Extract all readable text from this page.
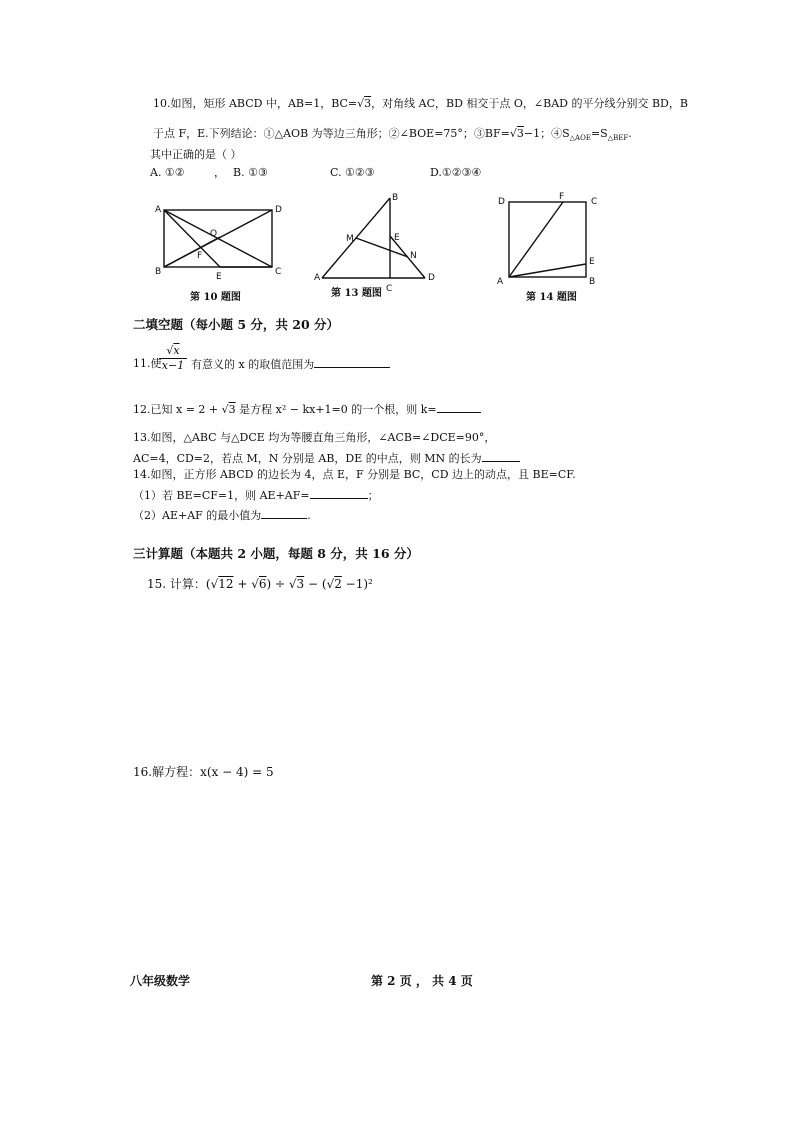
10.如图，矩形 ABCD 中，AB=1，BC=√3，对角线 AC，BD 相交于点 O，∠BAD 的平分线分别交 BD，B
于点 F，E.下列结论：①△AOB 为等边三角形；②∠BOE=75°；③BF=√3−1；$④S_{\triangle AOE}=S_{\triangle BEF}$.
其中正确的是（ ）
A. ①②	， B. ①③	C. ①②③	D.①②③④
A	D
O
F
B	E	C
B
M	E
N
A	D
C
D	F	C
E
A	B
第 10 题图	第 13 题图	第 14 题图
二填空题（每小题 5 分，共 20 分）
11.使
$\frac{√x}{x-1}$ 有意义的 x 的取值范围为
12.已知 x = 2 + √3 是方程 x² − kx+1=0 的一个根，则 k=
13.如图，△ABC 与△DCE 均为等腰直角三角形，∠ACB=∠DCE=90°，
AC=4，CD=2，若点 M，N 分别是 AB，DE 的中点，则 MN 的长为
14.如图，正方形 ABCD 的边长为 4，点 E，F 分别是 BC，CD 边上的动点，且 BE=CF.
（1）若 BE=CF=1，则 AE+AF=	；
（2）AE+AF 的最小值为	.
三计算题（本题共 2 小题，每题 8 分，共 16 分）
15. 计算：(√12 + √6) ÷ √3 − (√2 −1)²
16.解方程：x(x − 4) = 5
八年级数学	第 2 页 ， 共 4 页
